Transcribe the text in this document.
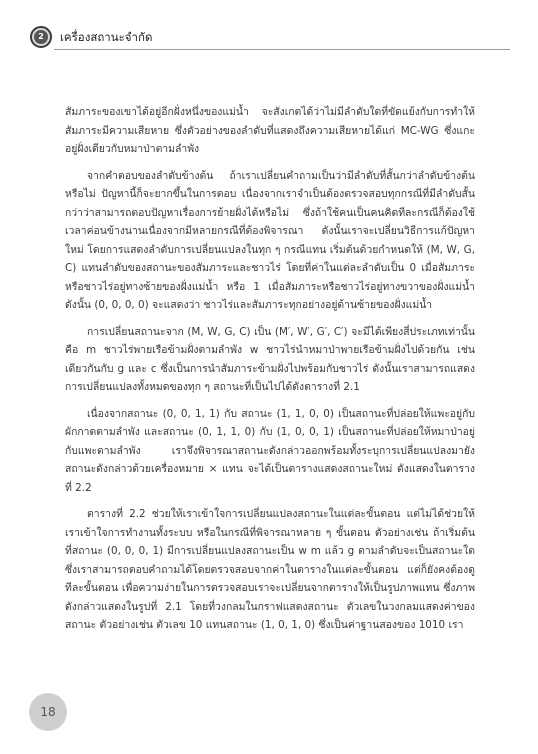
2	เครื่องสถานะจำกัด

สัมภาระของเขาได้อยู่อีกฝั่งหนึ่งของแม่น้ำ จะสังเกตได้ว่าไม่มีลำดับใดที่ขัดแย้งกับการทำให้สัมภาระมีความเสียหาย ซึ่งตัวอย่างของลำดับที่แสดงถึงความเสียหายได้แก่ MC-WG ซึ่งแกะอยู่ฝั่งเดียวกับหมาป่าตามลำพัง

จากคำตอบของลำดับข้างต้น ถ้าเราเปลี่ยนคำถามเป็นว่ามีลำดับที่สั้นกว่าลำดับข้างต้นหรือไม่ ปัญหานี้ก็จะยากขึ้นในการตอบ เนื่องจากเราจำเป็นต้องตรวจสอบทุกกรณีที่มีลำดับสั้นกว่าว่าสามารถตอบปัญหาเรื่องการย้ายฝั่งได้หรือไม่ ซึ่งถ้าใช้คนเป็นคนคิดทีละกรณีก็ต้องใช้เวลาค่อนข้างนานเนื่องจากมีหลายกรณีที่ต้องพิจารณา ดังนั้นเราจะเปลี่ยนวิธีการแก้ปัญหาใหม่ โดยการแสดงลำดับการเปลี่ยนแปลงในทุก ๆ กรณีแทน เริ่มต้นด้วยกำหนดให้ (M, W, G, C) แทนลำดับของสถานะของสัมภาระและชาวไร่ โดยที่ค่าในแต่ละลำดับเป็น 0 เมื่อสัมภาระหรือชาวไร่อยู่ทางซ้ายของฝั่งแม่น้ำ หรือ 1 เมื่อสัมภาระหรือชาวไร่อยู่ทางขวาของฝั่งแม่น้ำ ดังนั้น (0, 0, 0, 0) จะแสดงว่า ชาวไร่และสัมภาระทุกอย่างอยู่ด้านซ้ายของฝั่งแม่น้ำ

การเปลี่ยนสถานะจาก (M, W, G, C) เป็น (M′, W′, G′, C′) จะมีได้เพียงสี่ประเภทเท่านั้นคือ m ชาวไร่พายเรือข้ามฝั่งตามลำพัง w ชาวไร่นำหมาป่าพายเรือข้ามฝั่งไปด้วยกัน เช่นเดียวกันกับ g และ c ซึ่งเป็นการนำสัมภาระข้ามฝั่งไปพร้อมกับชาวไร่ ดังนั้นเราสามารถแสดงการเปลี่ยนแปลงทั้งหมดของทุก ๆ สถานะที่เป็นไปได้ดังตารางที่ 2.1

เนื่องจากสถานะ (0, 0, 1, 1) กับ สถานะ (1, 1, 0, 0) เป็นสถานะที่ปล่อยให้แพะอยู่กับผักกาดตามลำพัง และสถานะ (0, 1, 1, 0) กับ (1, 0, 0, 1) เป็นสถานะที่ปล่อยให้หมาป่าอยู่กับแพะตามลำพัง เราจึงพิจารณาสถานะดังกล่าวออกพร้อมทั้งระบุการเปลี่ยนแปลงมายังสถานะดังกล่าวด้วยเครื่องหมาย × แทน จะได้เป็นตารางแสดงสถานะใหม่ ดังแสดงในตารางที่ 2.2

ตารางที่ 2.2 ช่วยให้เราเข้าใจการเปลี่ยนแปลงสถานะในแต่ละขั้นตอน แต่ไม่ได้ช่วยให้เราเข้าใจการทำงานทั้งระบบ หรือในกรณีที่พิจารณาหลาย ๆ ขั้นตอน ตัวอย่างเช่น ถ้าเริ่มต้นที่สถานะ (0, 0, 0, 1) มีการเปลี่ยนแปลงสถานะเป็น w m แล้ว g ตามลำดับจะเป็นสถานะใดซึ่งเราสามารถตอบคำถามได้โดยตรวจสอบจากค่าในตารางในแต่ละขั้นตอน แต่ก็ยังคงต้องดูทีละขั้นตอน เพื่อความง่ายในการตรวจสอบเราจะเปลี่ยนจากตารางให้เป็นรูปภาพแทน ซึ่งภาพดังกล่าวแสดงในรูปที่ 2.1 โดยที่วงกลมในกราฟแสดงสถานะ ตัวเลขในวงกลมแสดงค่าของสถานะ ตัวอย่างเช่น ตัวเลข 10 แทนสถานะ (1, 0, 1, 0) ซึ่งเป็นค่าฐานสองของ 1010 เรา

18
